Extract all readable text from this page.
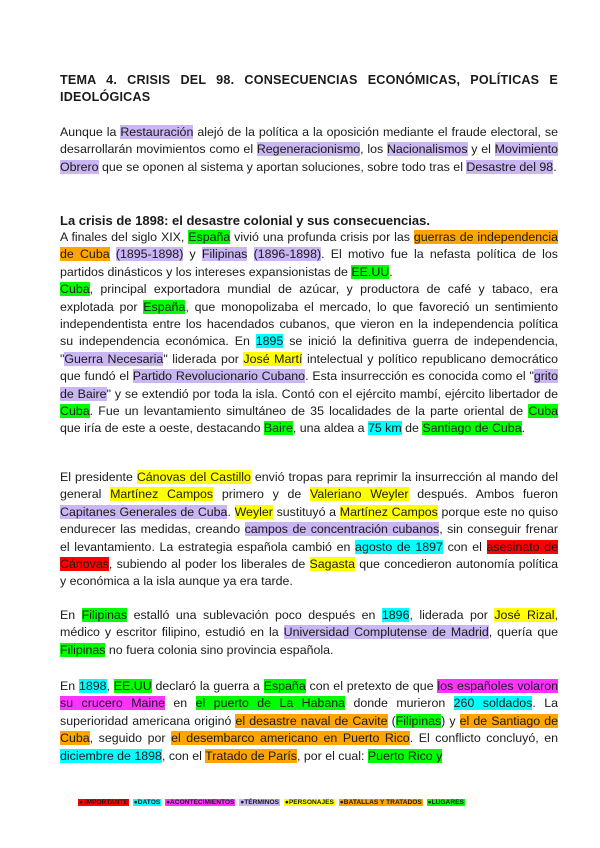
TEMA 4. CRISIS DEL 98. CONSECUENCIAS ECONÓMICAS, POLÍTICAS E IDEOLÓGICAS

Aunque la Restauración alejó de la política a la oposición mediante el fraude electoral, se desarrollarán movimientos como el Regeneracionismo, los Nacionalismos y el Movimiento Obrero que se oponen al sistema y aportan soluciones, sobre todo tras el Desastre del 98.

La crisis de 1898: el desastre colonial y sus consecuencias.

A finales del siglo XIX, España vivió una profunda crisis por las guerras de independencia de Cuba (1895-1898) y Filipinas (1896-1898). El motivo fue la nefasta política de los partidos dinásticos y los intereses expansionistas de EE.UU.
Cuba, principal exportadora mundial de azúcar, y productora de café y tabaco, era explotada por España, que monopolizaba el mercado, lo que favoreció un sentimiento independentista entre los hacendados cubanos, que vieron en la independencia política su independencia económica. En 1895 se inició la definitiva guerra de independencia, "Guerra Necesaria" liderada por José Martí intelectual y político republicano democrático que fundó el Partido Revolucionario Cubano. Esta insurrección es conocida como el "grito de Baire" y se extendió por toda la isla. Contó con el ejército mambí, ejército libertador de Cuba. Fue un levantamiento simultáneo de 35 localidades de la parte oriental de Cuba que iría de este a oeste, destacando Baire, una aldea a 75 km de Santiago de Cuba.

El presidente Cánovas del Castillo envió tropas para reprimir la insurrección al mando del general Martínez Campos primero y de Valeriano Weyler después. Ambos fueron Capitanes Generales de Cuba. Weyler sustituyó a Martínez Campos porque este no quiso endurecer las medidas, creando campos de concentración cubanos, sin conseguir frenar el levantamiento. La estrategia española cambió en agosto de 1897 con el asesinato de Cánovas, subiendo al poder los liberales de Sagasta que concedieron autonomía política y económica a la isla aunque ya era tarde.

En Filipinas estalló una sublevación poco después en 1896, liderada por José Rizal, médico y escritor filipino, estudió en la Universidad Complutense de Madrid, quería que Filipinas no fuera colonia sino provincia española.

En 1898, EE.UU declaró la guerra a España con el pretexto de que los españoles volaron su crucero Maine en el puerto de La Habana donde murieron 260 soldados. La superioridad americana originó el desastre naval de Cavite (Filipinas) y el de Santiago de Cuba, seguido por el desembarco americano en Puerto Rico. El conflicto concluyó, en diciembre de 1898, con el Tratado de París, por el cual: Puerto Rico y

● IMPORTANTE ●DATOS ●ACONTECIMIENTOS ●TÉRMINOS ●PERSONAJES ●BATALLAS Y TRATADOS ●LUGARES
